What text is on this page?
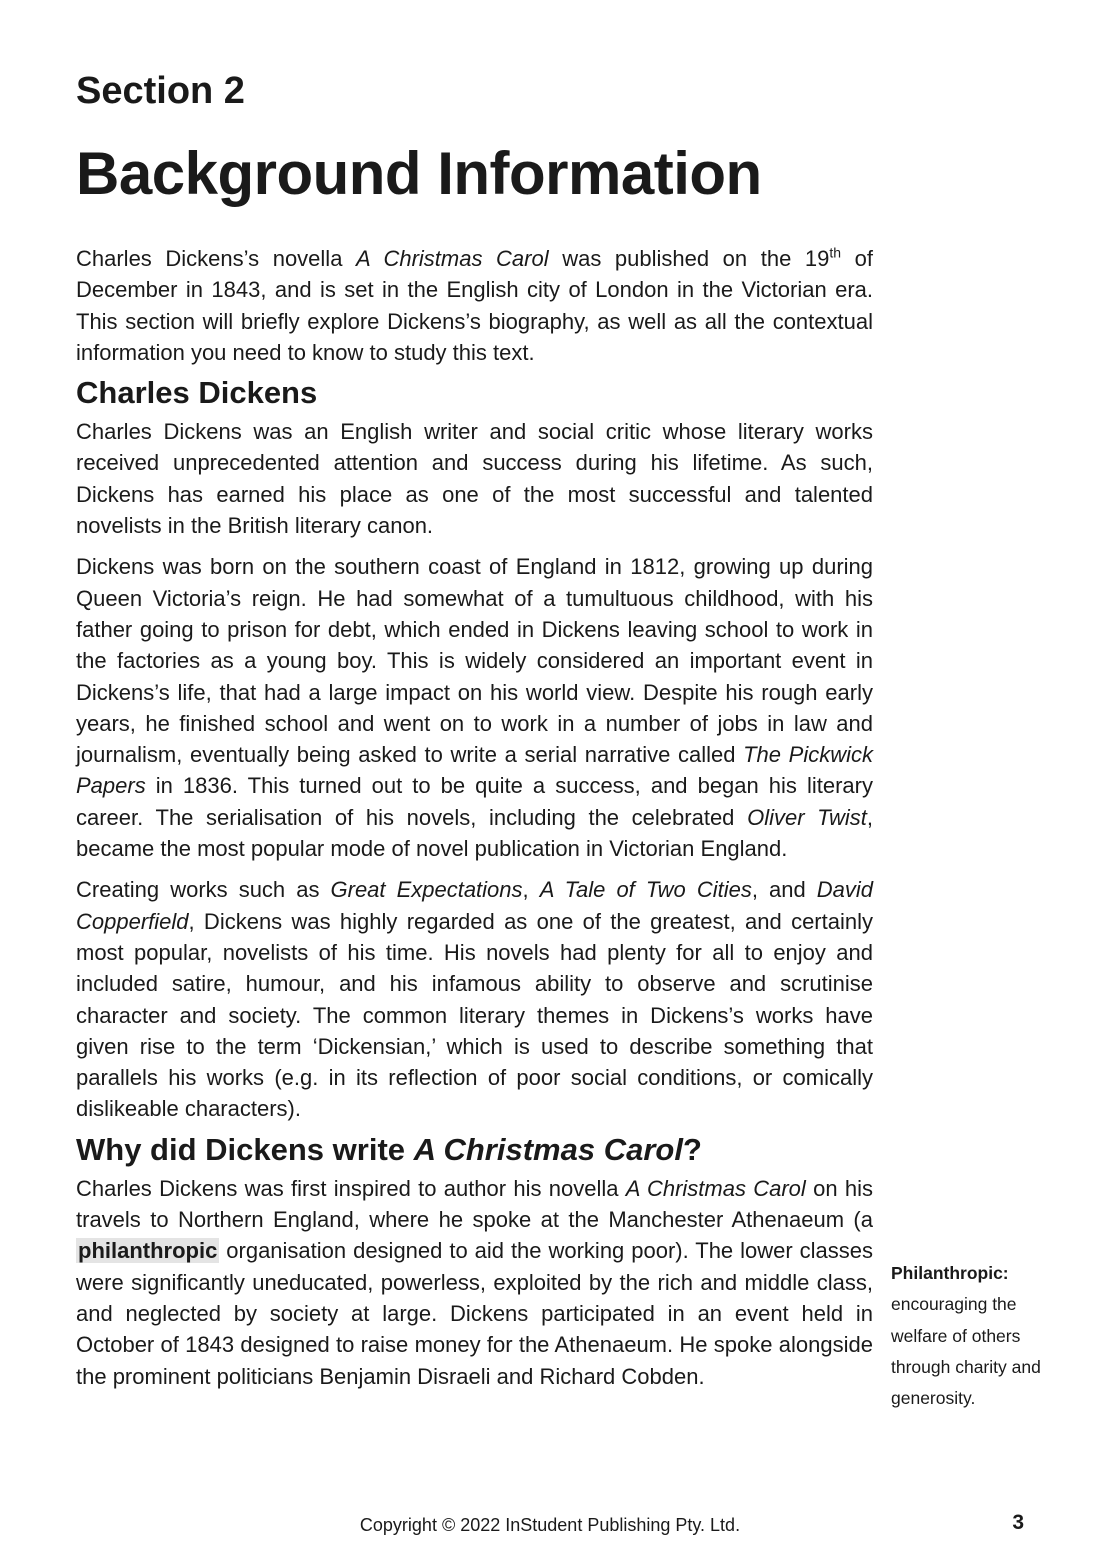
Section 2
Background Information

Charles Dickens’s novella A Christmas Carol was published on the 19th of December in 1843, and is set in the English city of London in the Victorian era. This section will briefly explore Dickens’s biography, as well as all the contextual information you need to know to study this text.

Charles Dickens

Charles Dickens was an English writer and social critic whose literary works received unprecedented attention and success during his lifetime. As such, Dickens has earned his place as one of the most successful and talented novelists in the British literary canon.

Dickens was born on the southern coast of England in 1812, growing up during Queen Victoria’s reign. He had somewhat of a tumultuous childhood, with his father going to prison for debt, which ended in Dickens leaving school to work in the factories as a young boy. This is widely considered an important event in Dickens’s life, that had a large impact on his world view. Despite his rough early years, he finished school and went on to work in a number of jobs in law and journalism, eventually being asked to write a serial narrative called The Pickwick Papers in 1836. This turned out to be quite a success, and began his literary career. The serialisation of his novels, including the celebrated Oliver Twist, became the most popular mode of novel publication in Victorian England.

Creating works such as Great Expectations, A Tale of Two Cities, and David Copperfield, Dickens was highly regarded as one of the greatest, and certainly most popular, novelists of his time. His novels had plenty for all to enjoy and included satire, humour, and his infamous ability to observe and scrutinise character and society. The common literary themes in Dickens’s works have given rise to the term ‘Dickensian,’ which is used to describe something that parallels his works (e.g. in its reflection of poor social conditions, or comically dislikeable characters).

Why did Dickens write A Christmas Carol?

Charles Dickens was first inspired to author his novella A Christmas Carol on his travels to Northern England, where he spoke at the Manchester Athenaeum (a philanthropic organisation designed to aid the working poor). The lower classes were significantly uneducated, powerless, exploited by the rich and middle class, and neglected by society at large. Dickens participated in an event held in October of 1843 designed to raise money for the Athenaeum. He spoke alongside the prominent politicians Benjamin Disraeli and Richard Cobden.

Philanthropic:
encouraging the welfare of others through charity and generosity.
Copyright © 2022 InStudent Publishing Pty. Ltd.	3
